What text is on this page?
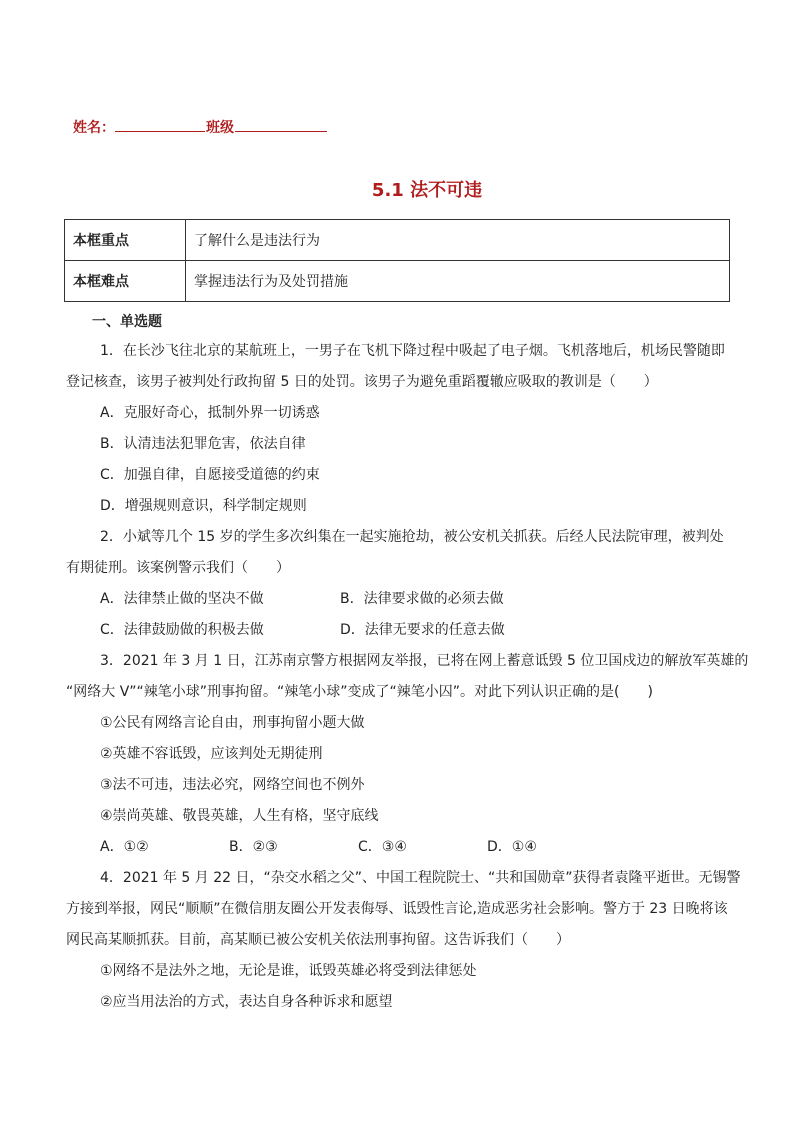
姓名：	班级
5.1 法不可违
本框重点	了解什么是违法行为
本框难点	掌握违法行为及处罚措施
一、单选题
1．在长沙飞往北京的某航班上，一男子在飞机下降过程中吸起了电子烟。飞机落地后，机场民警随即
登记核查，该男子被判处行政拘留 5 日的处罚。该男子为避免重蹈覆辙应吸取的教训是（　　）
A．克服好奇心，抵制外界一切诱惑
B．认清违法犯罪危害，依法自律
C．加强自律，自愿接受道德的约束
D．增强规则意识，科学制定规则
2．小斌等几个 15 岁的学生多次纠集在一起实施抢劫，被公安机关抓获。后经人民法院审理，被判处
有期徒刑。该案例警示我们（　　）
A．法律禁止做的坚决不做	B．法律要求做的必须去做
C．法律鼓励做的积极去做	D．法律无要求的任意去做
3．2021 年 3 月 1 日，江苏南京警方根据网友举报，已将在网上蓄意诋毁 5 位卫国戍边的解放军英雄的
“网络大 V”“辣笔小球”刑事拘留。“辣笔小球”变成了“辣笔小囚”。对此下列认识正确的是(　　)
①公民有网络言论自由，刑事拘留小题大做
②英雄不容诋毁，应该判处无期徒刑
③法不可违，违法必究，网络空间也不例外
④崇尚英雄、敬畏英雄，人生有格，坚守底线
A．①②	B．②③	C．③④	D．①④
4．2021 年 5 月 22 日，“杂交水稻之父”、中国工程院院士、“共和国勋章”获得者袁隆平逝世。无锡警
方接到举报，网民“顺顺”在微信朋友圈公开发表侮辱、诋毁性言论,造成恶劣社会影响。警方于 23 日晚将该
网民高某顺抓获。目前，高某顺已被公安机关依法刑事拘留。这告诉我们（　　）
①网络不是法外之地，无论是谁，诋毁英雄必将受到法律惩处
②应当用法治的方式，表达自身各种诉求和愿望
